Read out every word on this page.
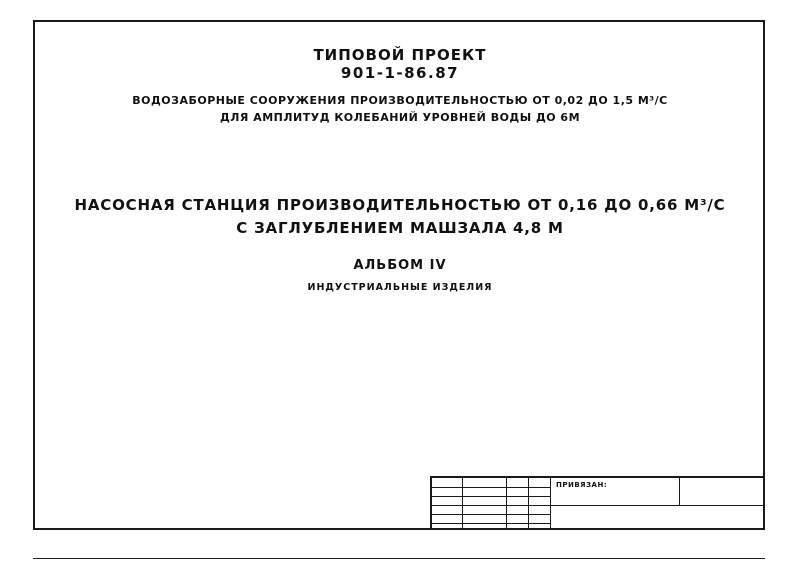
ТИПОВОЙ ПРОЕКТ
901-1-86.87
ВОДОЗАБОРНЫЕ СООРУЖЕНИЯ ПРОИЗВОДИТЕЛЬНОСТЬЮ ОТ 0,02 ДО 1,5 М³/С
ДЛЯ АМПЛИТУД КОЛЕБАНИЙ УРОВНЕЙ ВОДЫ ДО 6М
НАСОСНАЯ СТАНЦИЯ ПРОИЗВОДИТЕЛЬНОСТЬЮ ОТ 0,16 ДО 0,66 М³/С
С ЗАГЛУБЛЕНИЕМ МАШЗАЛА 4,8 М
АЛЬБОМ IV
ИНДУСТРИАЛЬНЫЕ ИЗДЕЛИЯ
ПРИВЯЗАН:
